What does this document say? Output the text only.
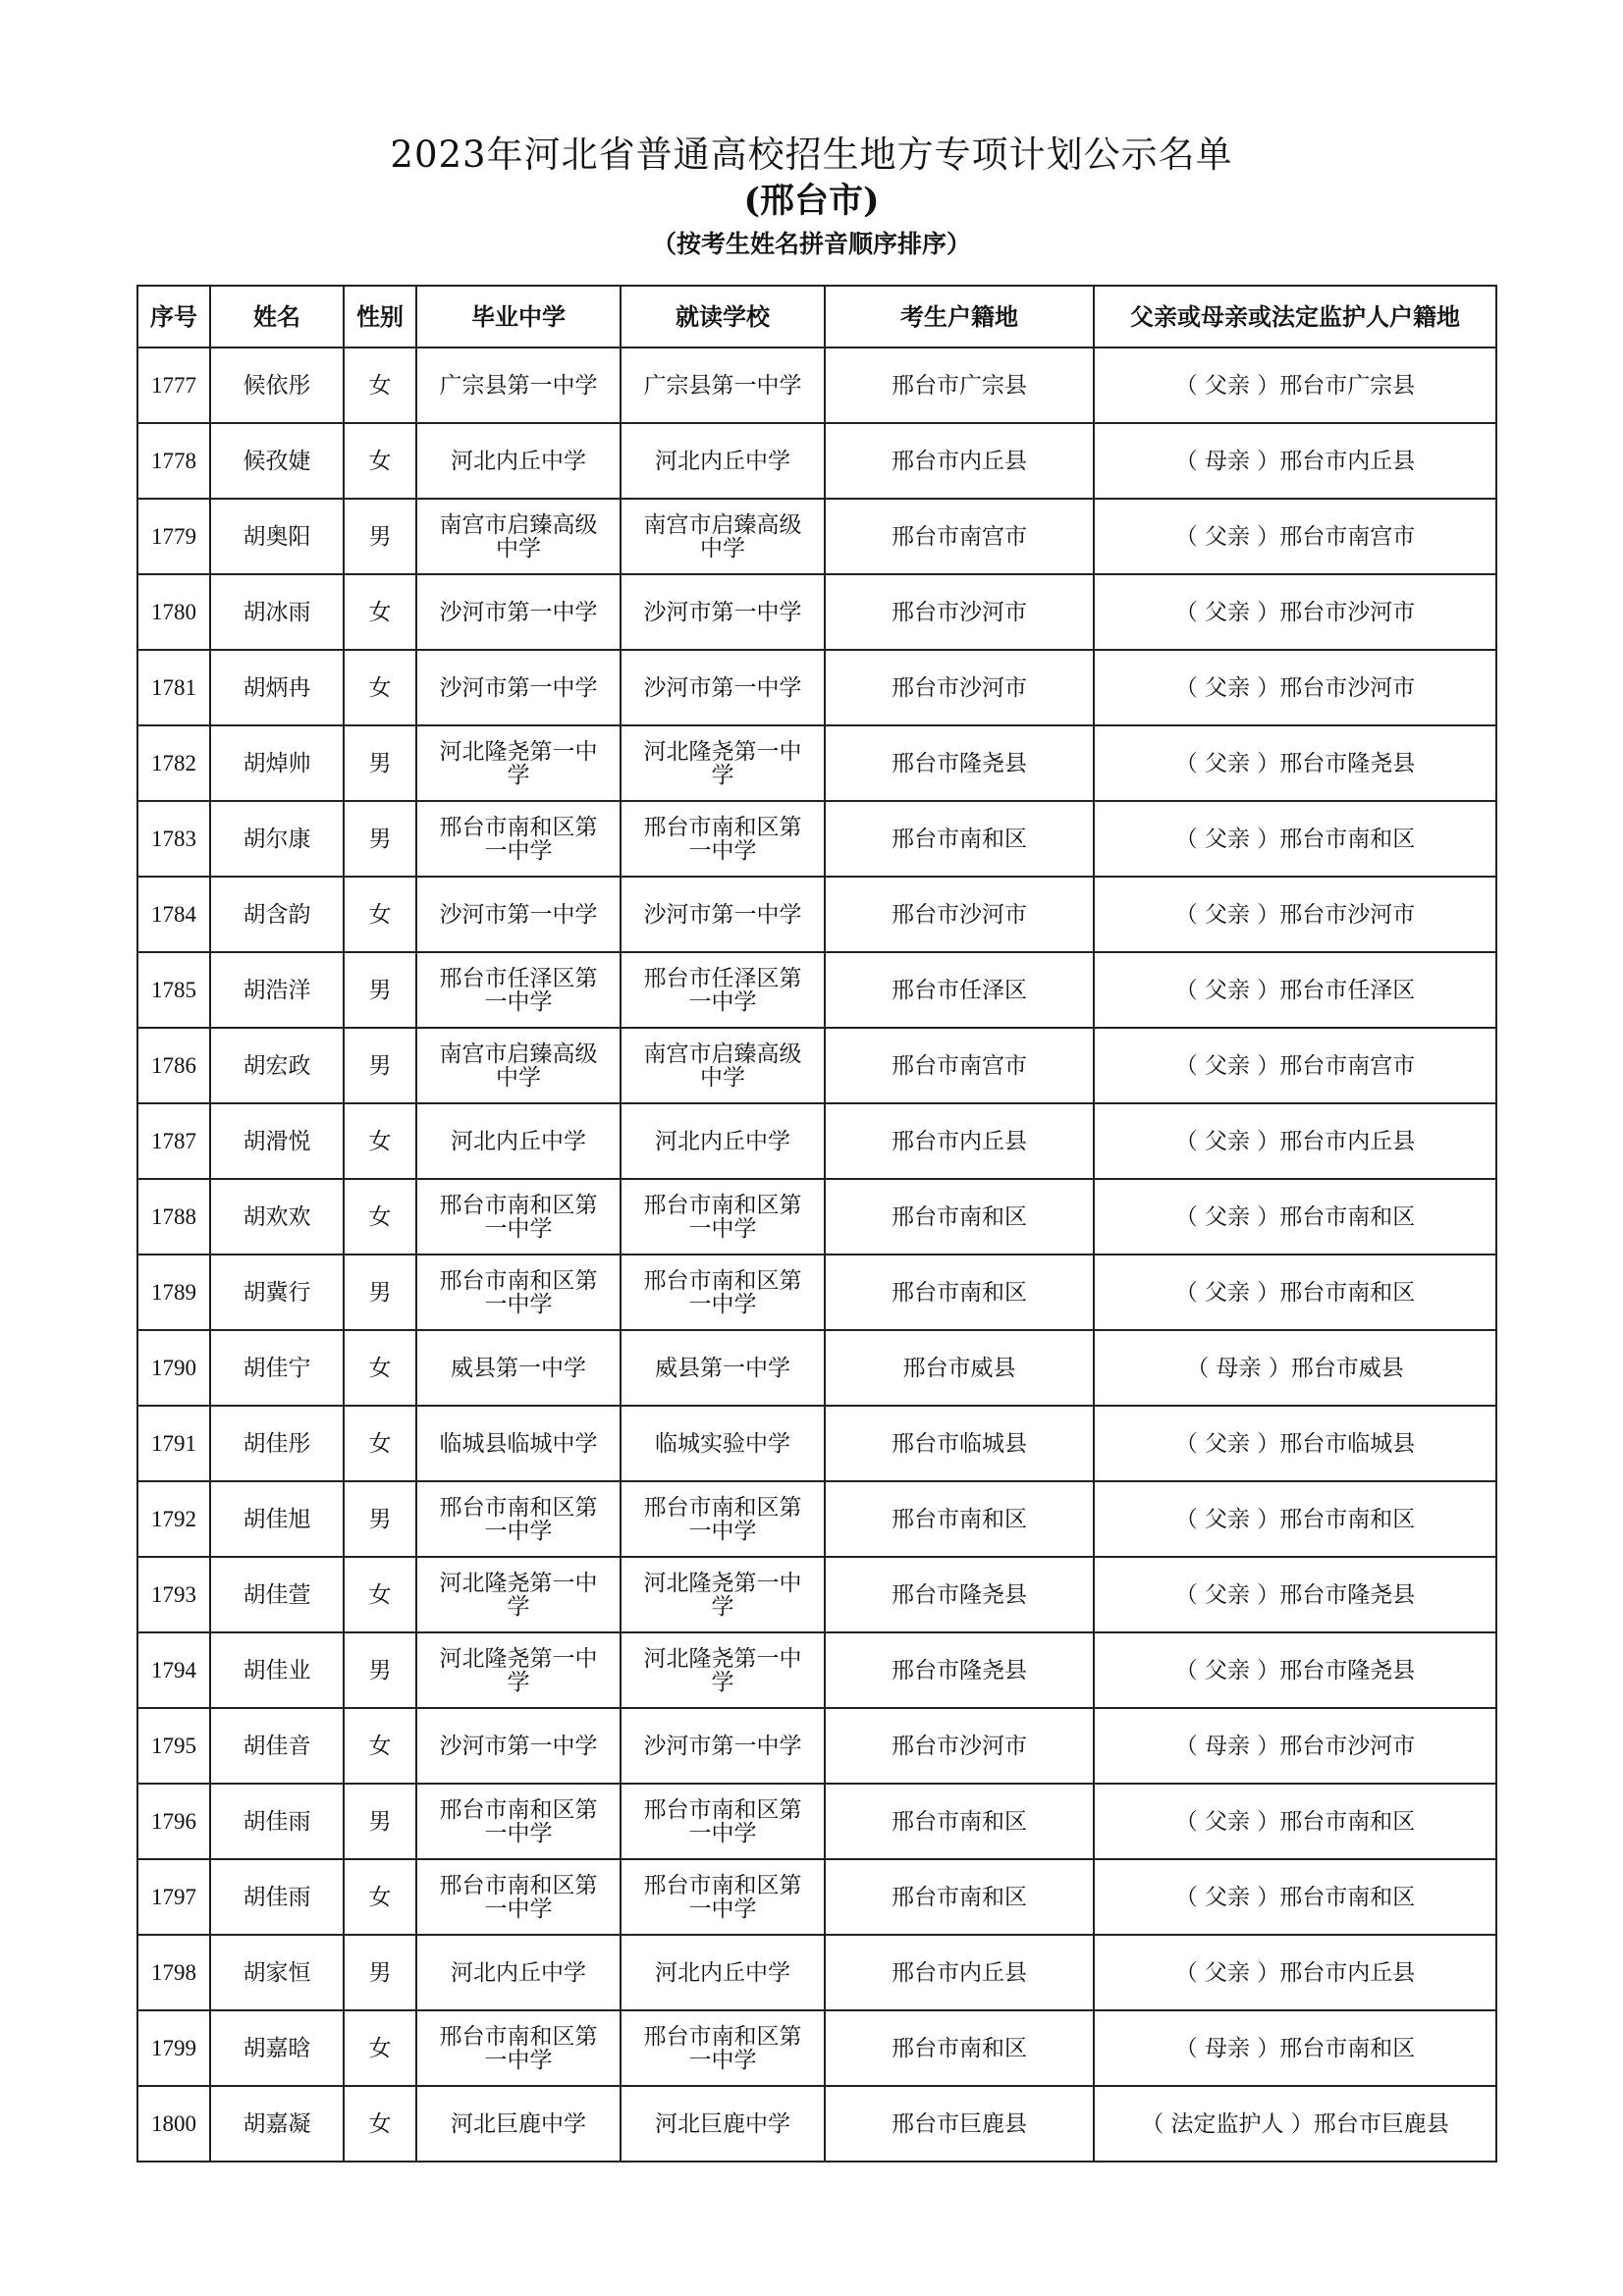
2023年河北省普通高校招生地方专项计划公示名单
(邢台市)

（按考生姓名拼音顺序排序）

序号	姓名	性别	毕业中学	就读学校	考生户籍地	父亲或母亲或法定监护人户籍地
1777	候依彤	女	广宗县第一中学	广宗县第一中学	邢台市广宗县	（ 父亲 ）邢台市广宗县
1778	候孜婕	女	河北内丘中学	河北内丘中学	邢台市内丘县	（ 母亲 ）邢台市内丘县
1779	胡奥阳	男	南宫市启臻高级中学	南宫市启臻高级中学	邢台市南宫市	（ 父亲 ）邢台市南宫市
1780	胡冰雨	女	沙河市第一中学	沙河市第一中学	邢台市沙河市	（ 父亲 ）邢台市沙河市
1781	胡炳冉	女	沙河市第一中学	沙河市第一中学	邢台市沙河市	（ 父亲 ）邢台市沙河市
1782	胡焯帅	男	河北隆尧第一中学	河北隆尧第一中学	邢台市隆尧县	（ 父亲 ）邢台市隆尧县
1783	胡尔康	男	邢台市南和区第一中学	邢台市南和区第一中学	邢台市南和区	（ 父亲 ）邢台市南和区
1784	胡含韵	女	沙河市第一中学	沙河市第一中学	邢台市沙河市	（ 父亲 ）邢台市沙河市
1785	胡浩洋	男	邢台市任泽区第一中学	邢台市任泽区第一中学	邢台市任泽区	（ 父亲 ）邢台市任泽区
1786	胡宏政	男	南宫市启臻高级中学	南宫市启臻高级中学	邢台市南宫市	（ 父亲 ）邢台市南宫市
1787	胡滑悦	女	河北内丘中学	河北内丘中学	邢台市内丘县	（ 父亲 ）邢台市内丘县
1788	胡欢欢	女	邢台市南和区第一中学	邢台市南和区第一中学	邢台市南和区	（ 父亲 ）邢台市南和区
1789	胡冀行	男	邢台市南和区第一中学	邢台市南和区第一中学	邢台市南和区	（ 父亲 ）邢台市南和区
1790	胡佳宁	女	威县第一中学	威县第一中学	邢台市威县	（ 母亲 ）邢台市威县
1791	胡佳彤	女	临城县临城中学	临城实验中学	邢台市临城县	（ 父亲 ）邢台市临城县
1792	胡佳旭	男	邢台市南和区第一中学	邢台市南和区第一中学	邢台市南和区	（ 父亲 ）邢台市南和区
1793	胡佳萱	女	河北隆尧第一中学	河北隆尧第一中学	邢台市隆尧县	（ 父亲 ）邢台市隆尧县
1794	胡佳业	男	河北隆尧第一中学	河北隆尧第一中学	邢台市隆尧县	（ 父亲 ）邢台市隆尧县
1795	胡佳音	女	沙河市第一中学	沙河市第一中学	邢台市沙河市	（ 母亲 ）邢台市沙河市
1796	胡佳雨	男	邢台市南和区第一中学	邢台市南和区第一中学	邢台市南和区	（ 父亲 ）邢台市南和区
1797	胡佳雨	女	邢台市南和区第一中学	邢台市南和区第一中学	邢台市南和区	（ 父亲 ）邢台市南和区
1798	胡家恒	男	河北内丘中学	河北内丘中学	邢台市内丘县	（ 父亲 ）邢台市内丘县
1799	胡嘉晗	女	邢台市南和区第一中学	邢台市南和区第一中学	邢台市南和区	（ 母亲 ）邢台市南和区
1800	胡嘉凝	女	河北巨鹿中学	河北巨鹿中学	邢台市巨鹿县	（ 法定监护人 ）邢台市巨鹿县
